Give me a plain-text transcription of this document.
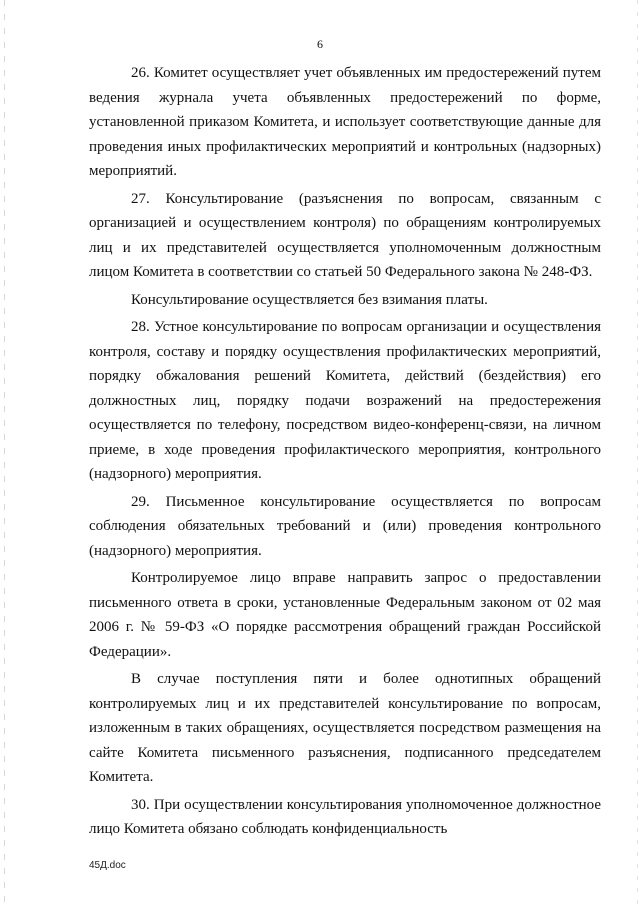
6

26. Комитет осуществляет учет объявленных им предостережений путем ведения журнала учета объявленных предостережений по форме, установленной приказом Комитета, и использует соответствующие данные для проведения иных профилактических мероприятий и контрольных (надзорных) мероприятий.

27. Консультирование (разъяснения по вопросам, связанным с организацией и осуществлением контроля) по обращениям контролируемых лиц и их представителей осуществляется уполномоченным должностным лицом Комитета в соответствии со статьей 50 Федерального закона № 248-ФЗ.

Консультирование осуществляется без взимания платы.

28. Устное консультирование по вопросам организации и осуществления контроля, составу и порядку осуществления профилактических мероприятий, порядку обжалования решений Комитета, действий (бездействия) его должностных лиц, порядку подачи возражений на предостережения осуществляется по телефону, посредством видео-конференц-связи, на личном приеме, в ходе проведения профилактического мероприятия, контрольного (надзорного) мероприятия.

29. Письменное консультирование осуществляется по вопросам соблюдения обязательных требований и (или) проведения контрольного (надзорного) мероприятия.

Контролируемое лицо вправе направить запрос о предоставлении письменного ответа в сроки, установленные Федеральным законом от 02 мая 2006 г. № 59-ФЗ «О порядке рассмотрения обращений граждан Российской Федерации».

В случае поступления пяти и более однотипных обращений контролируемых лиц и их представителей консультирование по вопросам, изложенным в таких обращениях, осуществляется посредством размещения на сайте Комитета письменного разъяснения, подписанного председателем Комитета.

30. При осуществлении консультирования уполномоченное должностное лицо Комитета обязано соблюдать конфиденциальность

45Д.doc
